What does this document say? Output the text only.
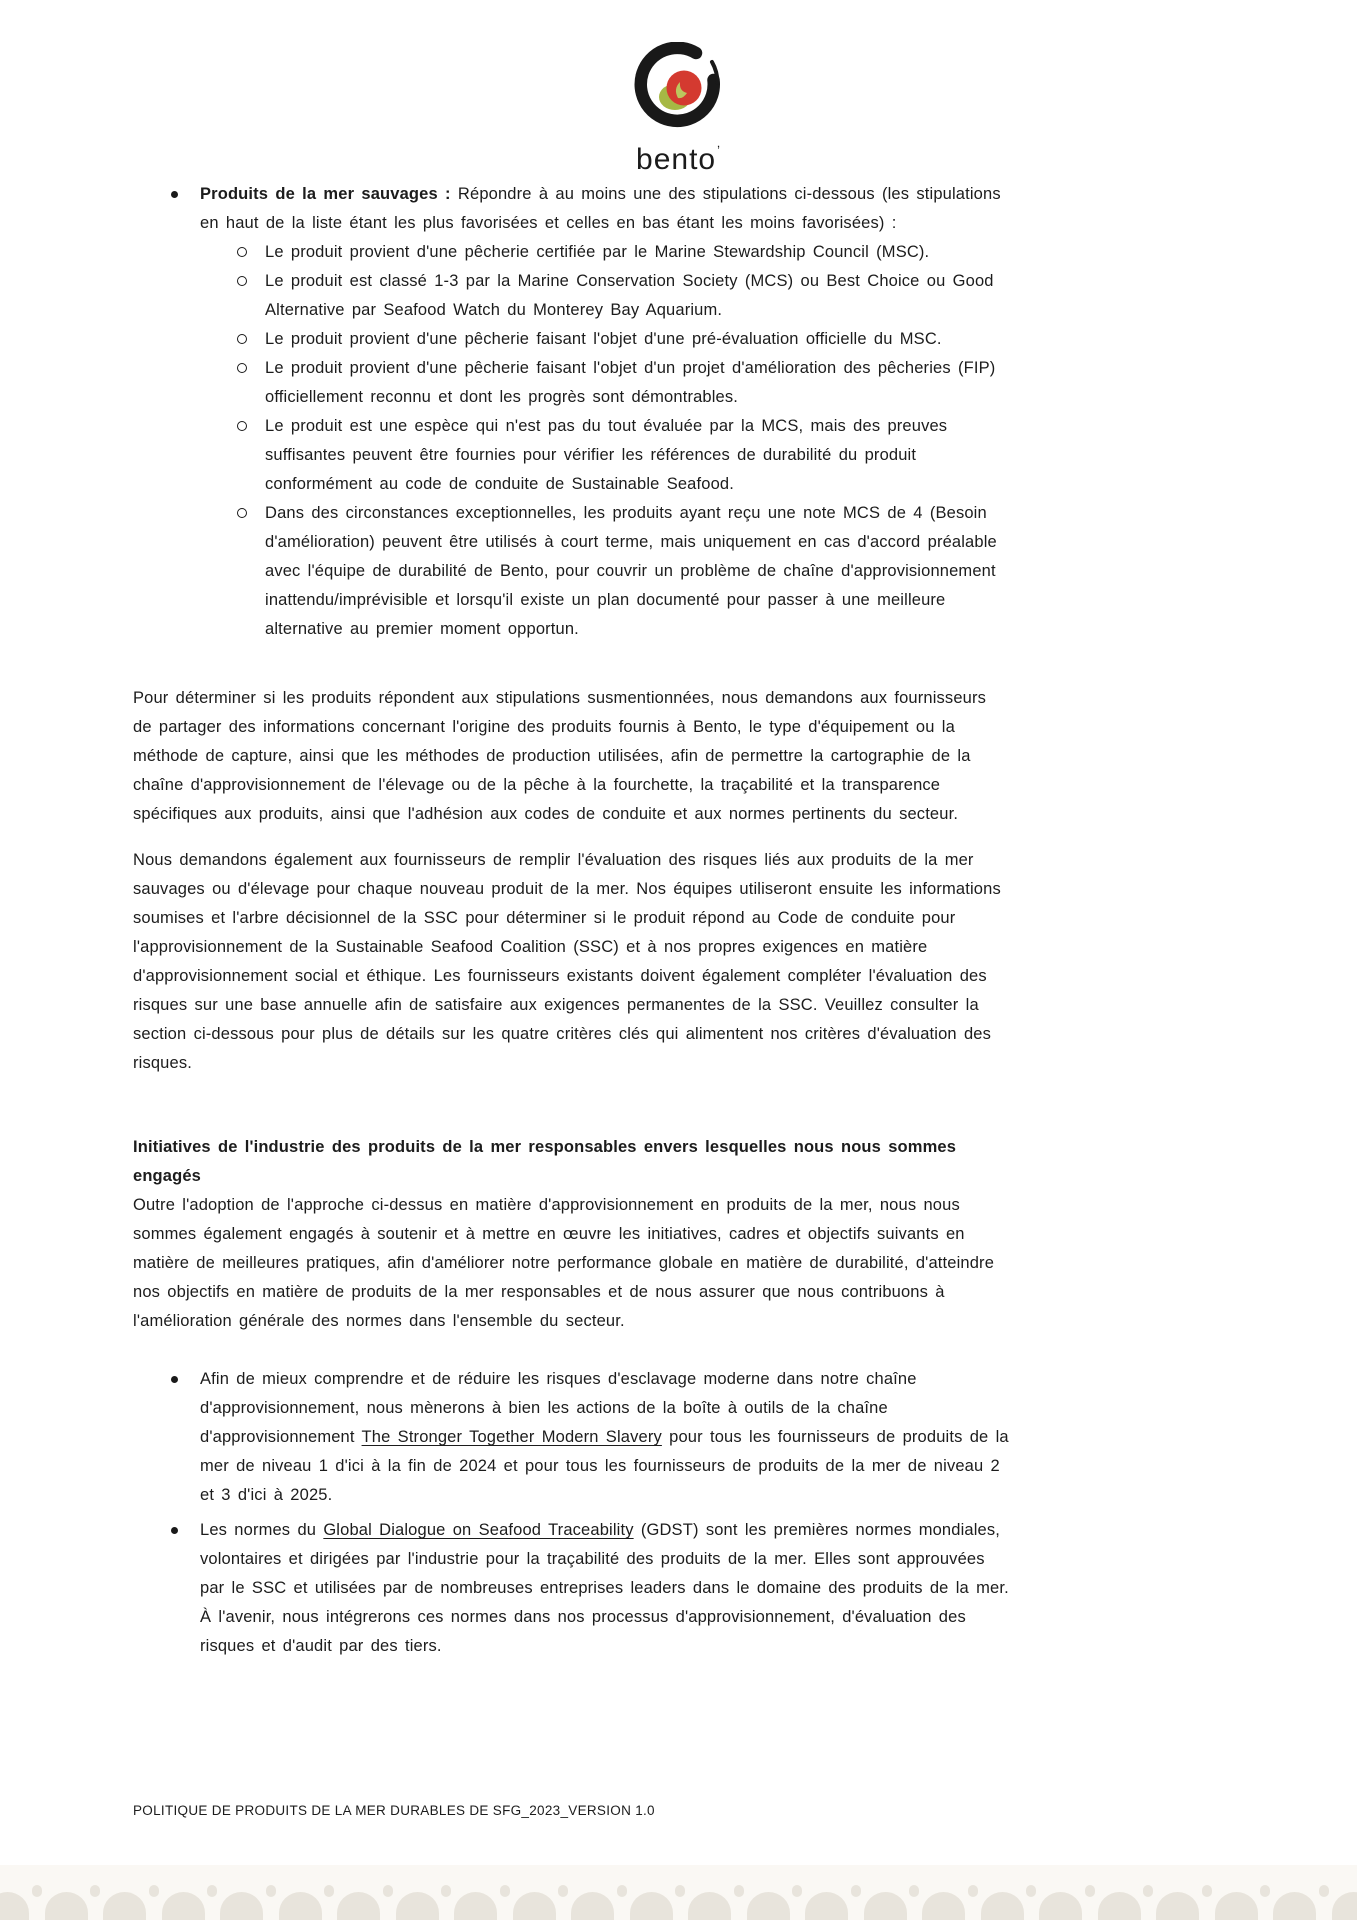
bento$^ʼ$
Produits de la mer sauvages : Répondre à au moins une des stipulations ci-dessous (les stipulations en haut de la liste étant les plus favorisées et celles en bas étant les moins favorisées) :
Le produit provient d'une pêcherie certifiée par le Marine Stewardship Council (MSC).
Le produit est classé 1-3 par la Marine Conservation Society (MCS) ou Best Choice ou Good Alternative par Seafood Watch du Monterey Bay Aquarium.
Le produit provient d'une pêcherie faisant l'objet d'une pré-évaluation officielle du MSC.
Le produit provient d'une pêcherie faisant l'objet d'un projet d'amélioration des pêcheries (FIP) officiellement reconnu et dont les progrès sont démontrables.
Le produit est une espèce qui n'est pas du tout évaluée par la MCS, mais des preuves suffisantes peuvent être fournies pour vérifier les références de durabilité du produit conformément au code de conduite de Sustainable Seafood.
Dans des circonstances exceptionnelles, les produits ayant reçu une note MCS de 4 (Besoin d'amélioration) peuvent être utilisés à court terme, mais uniquement en cas d'accord préalable avec l'équipe de durabilité de Bento, pour couvrir un problème de chaîne d'approvisionnement inattendu/imprévisible et lorsqu'il existe un plan documenté pour passer à une meilleure alternative au premier moment opportun.

Pour déterminer si les produits répondent aux stipulations susmentionnées, nous demandons aux fournisseurs de partager des informations concernant l'origine des produits fournis à Bento, le type d'équipement ou la méthode de capture, ainsi que les méthodes de production utilisées, afin de permettre la cartographie de la chaîne d'approvisionnement de l'élevage ou de la pêche à la fourchette, la traçabilité et la transparence spécifiques aux produits, ainsi que l'adhésion aux codes de conduite et aux normes pertinents du secteur.

Nous demandons également aux fournisseurs de remplir l'évaluation des risques liés aux produits de la mer sauvages ou d'élevage pour chaque nouveau produit de la mer. Nos équipes utiliseront ensuite les informations soumises et l'arbre décisionnel de la SSC pour déterminer si le produit répond au Code de conduite pour l'approvisionnement de la Sustainable Seafood Coalition (SSC) et à nos propres exigences en matière d'approvisionnement social et éthique. Les fournisseurs existants doivent également compléter l'évaluation des risques sur une base annuelle afin de satisfaire aux exigences permanentes de la SSC. Veuillez consulter la section ci-dessous pour plus de détails sur les quatre critères clés qui alimentent nos critères d'évaluation des risques.

Initiatives de l'industrie des produits de la mer responsables envers lesquelles nous nous sommes engagés

Outre l'adoption de l'approche ci-dessus en matière d'approvisionnement en produits de la mer, nous nous sommes également engagés à soutenir et à mettre en œuvre les initiatives, cadres et objectifs suivants en matière de meilleures pratiques, afin d'améliorer notre performance globale en matière de durabilité, d'atteindre nos objectifs en matière de produits de la mer responsables et de nous assurer que nous contribuons à l'amélioration générale des normes dans l'ensemble du secteur.

Afin de mieux comprendre et de réduire les risques d'esclavage moderne dans notre chaîne d'approvisionnement, nous mènerons à bien les actions de la boîte à outils de la chaîne d'approvisionnement The Stronger Together Modern Slavery pour tous les fournisseurs de produits de la mer de niveau 1 d'ici à la fin de 2024 et pour tous les fournisseurs de produits de la mer de niveau 2 et 3 d'ici à 2025.
Les normes du Global Dialogue on Seafood Traceability (GDST) sont les premières normes mondiales, volontaires et dirigées par l'industrie pour la traçabilité des produits de la mer. Elles sont approuvées par le SSC et utilisées par de nombreuses entreprises leaders dans le domaine des produits de la mer. À l'avenir, nous intégrerons ces normes dans nos processus d'approvisionnement, d'évaluation des risques et d'audit par des tiers.
POLITIQUE DE PRODUITS DE LA MER DURABLES DE SFG_2023_VERSION 1.0
